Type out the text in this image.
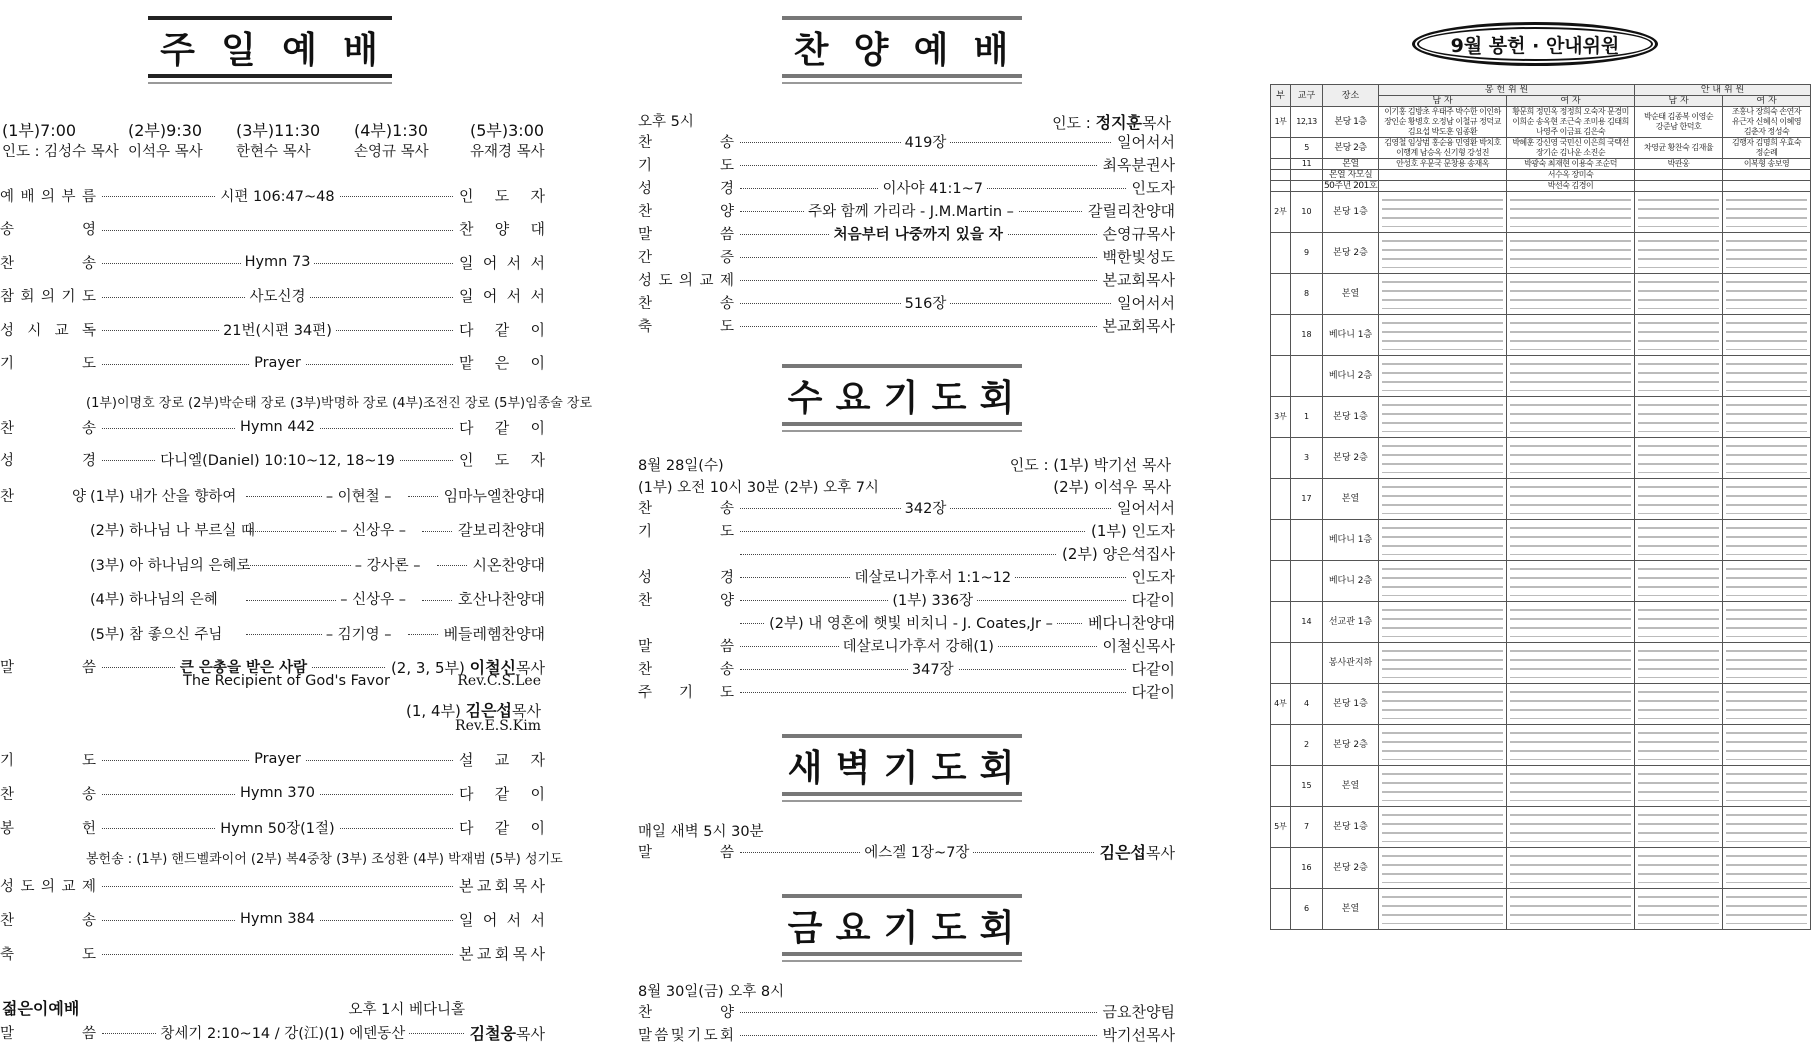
주 일 예 배
(1부)7:00	(2부)9:30 (3부)11:30 (4부)1:30	(5부)3:00
인도 : 김성수 목사 이석우 목사 한현수 목사	손영규 목사	유재경 목사
예 배 의 부 름	시편 106:47~48	인 도 자
송	영	찬 양 대
찬	송	Hymn 73	일 어 서 서
참 회 의 기 도	사도신경	일 어 서 서
성 시 교 독	21번(시편 34편)	다 같 이
기	도	Prayer	맡 은 이
(1부)이명호 장로 (2부)박순태 장로 (3부)박명하 장로 (4부)조전진 장로 (5부)임종술 장로
찬	송	Hymn 442	다 같 이
성	경	다니엘(Daniel) 10:10~12, 18~19	인 도 자
찬	양 (1부) 내가 산을 향하여	– 이현철 –	임마누엘찬양대
(2부) 하나님 나 부르실 때	– 신상우 –	갈보리찬양대
(3부) 아 하나님의 은혜로	– 강사론 –	시온찬양대
(4부) 하나님의 은혜	– 신상우 –	호산나찬양대
(5부) 참 좋으신 주님	– 김기영 –	베들레헴찬양대
말	씀	큰 은총을 받은 사람	(2, 3, 5부) 이철신목사
The Recipient of God's Favor	Rev.C.S.Lee
(1, 4부) 김은섭목사
Rev.E.S.Kim
기	도	Prayer	설 교 자
찬	송	Hymn 370	다 같 이
봉	헌	Hymn 50장(1절)	다 같 이
봉헌송 : (1부) 핸드벨콰이어 (2부) 복4중창 (3부) 조성환 (4부) 박재범 (5부) 성기도
성 도 의 교 제	본 교 회 목 사
찬	송	Hymn 384	일 어 서 서
축	도	본 교 회 목 사
젊은이예배	오후 1시 베다니홀
말	씀	창세기 2:10~14 / 강(江)(1) 에덴동산	김철웅목사
찬 양 예 배
오후 5시	인도 : 정지훈목사
찬	송	419장	일어서서
기	도	최옥분권사
성	경	이사야 41:1~7	인도자
찬	양	주와 함께 가리라 - J.M.Martin –	갈릴리찬양대
말	씀	처음부터 나중까지 있을 자	손영규목사
간	증	백한빛성도
성 도 의 교 제	본교회목사
찬	송	516장	일어서서
축	도	본교회목사
수 요 기 도 회
8월 28일(수)	인도 : (1부) 박기선 목사
(1부) 오전 10시 30분 (2부) 오후 7시	(2부) 이석우 목사
찬	송	342장	일어서서
기	도	(1부) 인도자
(2부) 양은석집사
성	경	데살로니가후서 1:1~12	인도자
찬	양	(1부) 336장	다같이
(2부) 내 영혼에 햇빛 비치니 - J. Coates,Jr – 베다니찬양대
말	씀	데살로니가후서 강해(1)	이철신목사
찬	송	347장	다같이
주 기 도	다같이
새 벽 기 도 회
매일 새벽 5시 30분
말	씀	에스겔 1장~7장	김은섭목사
금 요 기 도 회
8월 30일(금) 오후 8시
찬	양	금요찬양팀
말 씀 및 기 도 회	박기선목사
9월 봉헌 · 안내위원
부	교구	장소	봉 헌 위 원		안 내 위 원	
			남 자	여 자	남 자	여 자

1부	12,13	본당 1층	이기홍 김방초 우태주 박수한 이인하 장인순 황병호 오정남 이철규 정덕교 김요섭 박도훈 임종환	황문희 정민옥 정정희 오숙자 문경미 이희순 송옥현 조근숙 조미용 김태희 나영주 이금표 김은숙	박순태 김종복 이영순 강준남 한덕호	조홍나 장희숙 손연자 유근자 신혜식 이혜영 김춘자 정성숙

	5	본당 2층	김영철 임상범 홍순융 민영환 박치호 이행계 남승옥 신기형 강성진	박혜훈 강신영 국민신 이은희 국택선 장기순 김나운 소진순	차영균 황찬숙 김재율	김행자 김명희 우효숙 정순례

	11	본열	안성호 우문국 문창용 송재옥	박광숙 최재현 이용숙 조순덕	박관웅	이복형 송보영

		본열 자모실		서수옥 장미숙		

		50주년 201호		박선숙 김경이		

2부	10	본당 1층	

	9	본당 2층	

	8	본열	

	18	베다니 1층	

		베다니 2층	

3부	1	본당 1층	

	3	본당 2층	

	17	본열	

		베다니 1층	

		베다니 2층	

	14	선교관 1층	

		봉사관지하	

4부	4	본당 1층	

	2	본당 2층	

	15	본열	

5부	7	본당 1층	

	16	본당 2층	

	6	본열	
